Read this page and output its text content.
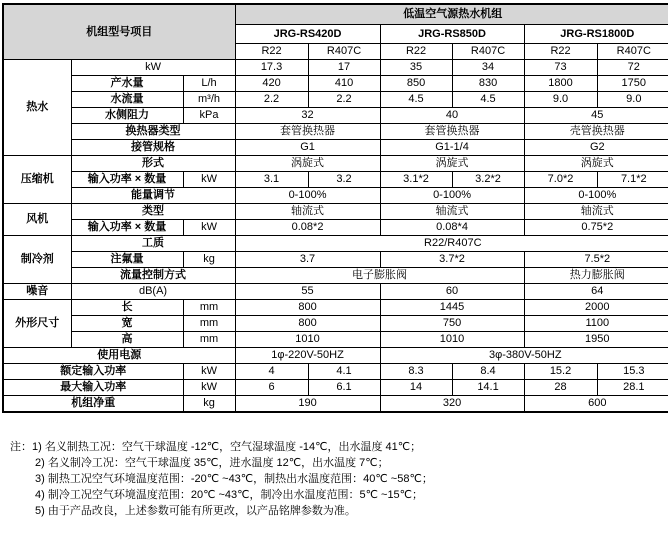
机组型号项目			低温空气源热水机组					
			JRG-RS420D		JRG-RS850D		JRG-RS1800D	
			R22	R407C	R22	R407C	R22	R407C
热水	kW		17.3	17	35	34	73	72
	产水量	L/h	420	410	850	830	1800	1750
	水流量	m³/h	2.2	2.2	4.5	4.5	9.0	9.0
	水侧阻力	kPa	32		40		45	
	换热器类型		套管换热器		套管换热器		壳管换热器	
	接管规格		G1		G1-1/4		G2	
压缩机	形式		涡旋式		涡旋式		涡旋式	
	输入功率 × 数量	kW	3.1	3.2	3.1*2	3.2*2	7.0*2	7.1*2
	能量调节		0-100%		0-100%		0-100%	
风机	类型		轴流式		轴流式		轴流式	
	输入功率 × 数量	kW	0.08*2		0.08*4		0.75*2	
制冷剂	工质		R22/R407C					
	注氟量	kg	3.7		3.7*2		7.5*2	
	流量控制方式		电子膨胀阀				热力膨胀阀	
噪音	dB(A)		55		60		64	
外形尺寸	长	mm	800		1445		2000	
	宽	mm	800		750		1100	
	高	mm	1010		1010		1950	
使用电源			1φ-220V-50HZ		3φ-380V-50HZ			
额定输入功率		kW	4	4.1	8.3	8.4	15.2	15.3
最大输入功率		kW	6	6.1	14	14.1	28	28.1
机组净重		kg	190		320		600	
注：1) 名义制热工况：空气干球温度 -12℃，空气湿球温度 -14℃，出水温度 41℃；
2) 名义制冷工况：空气干球温度 35℃，进水温度 12℃，出水温度 7℃；
3) 制热工况空气环境温度范围：-20℃ ~43℃，制热出水温度范围：40℃ ~58℃；
4) 制冷工况空气环境温度范围：20℃ ~43℃，制冷出水温度范围：5℃ ~15℃；
5) 由于产品改良，上述参数可能有所更改，以产品铭牌参数为准。
